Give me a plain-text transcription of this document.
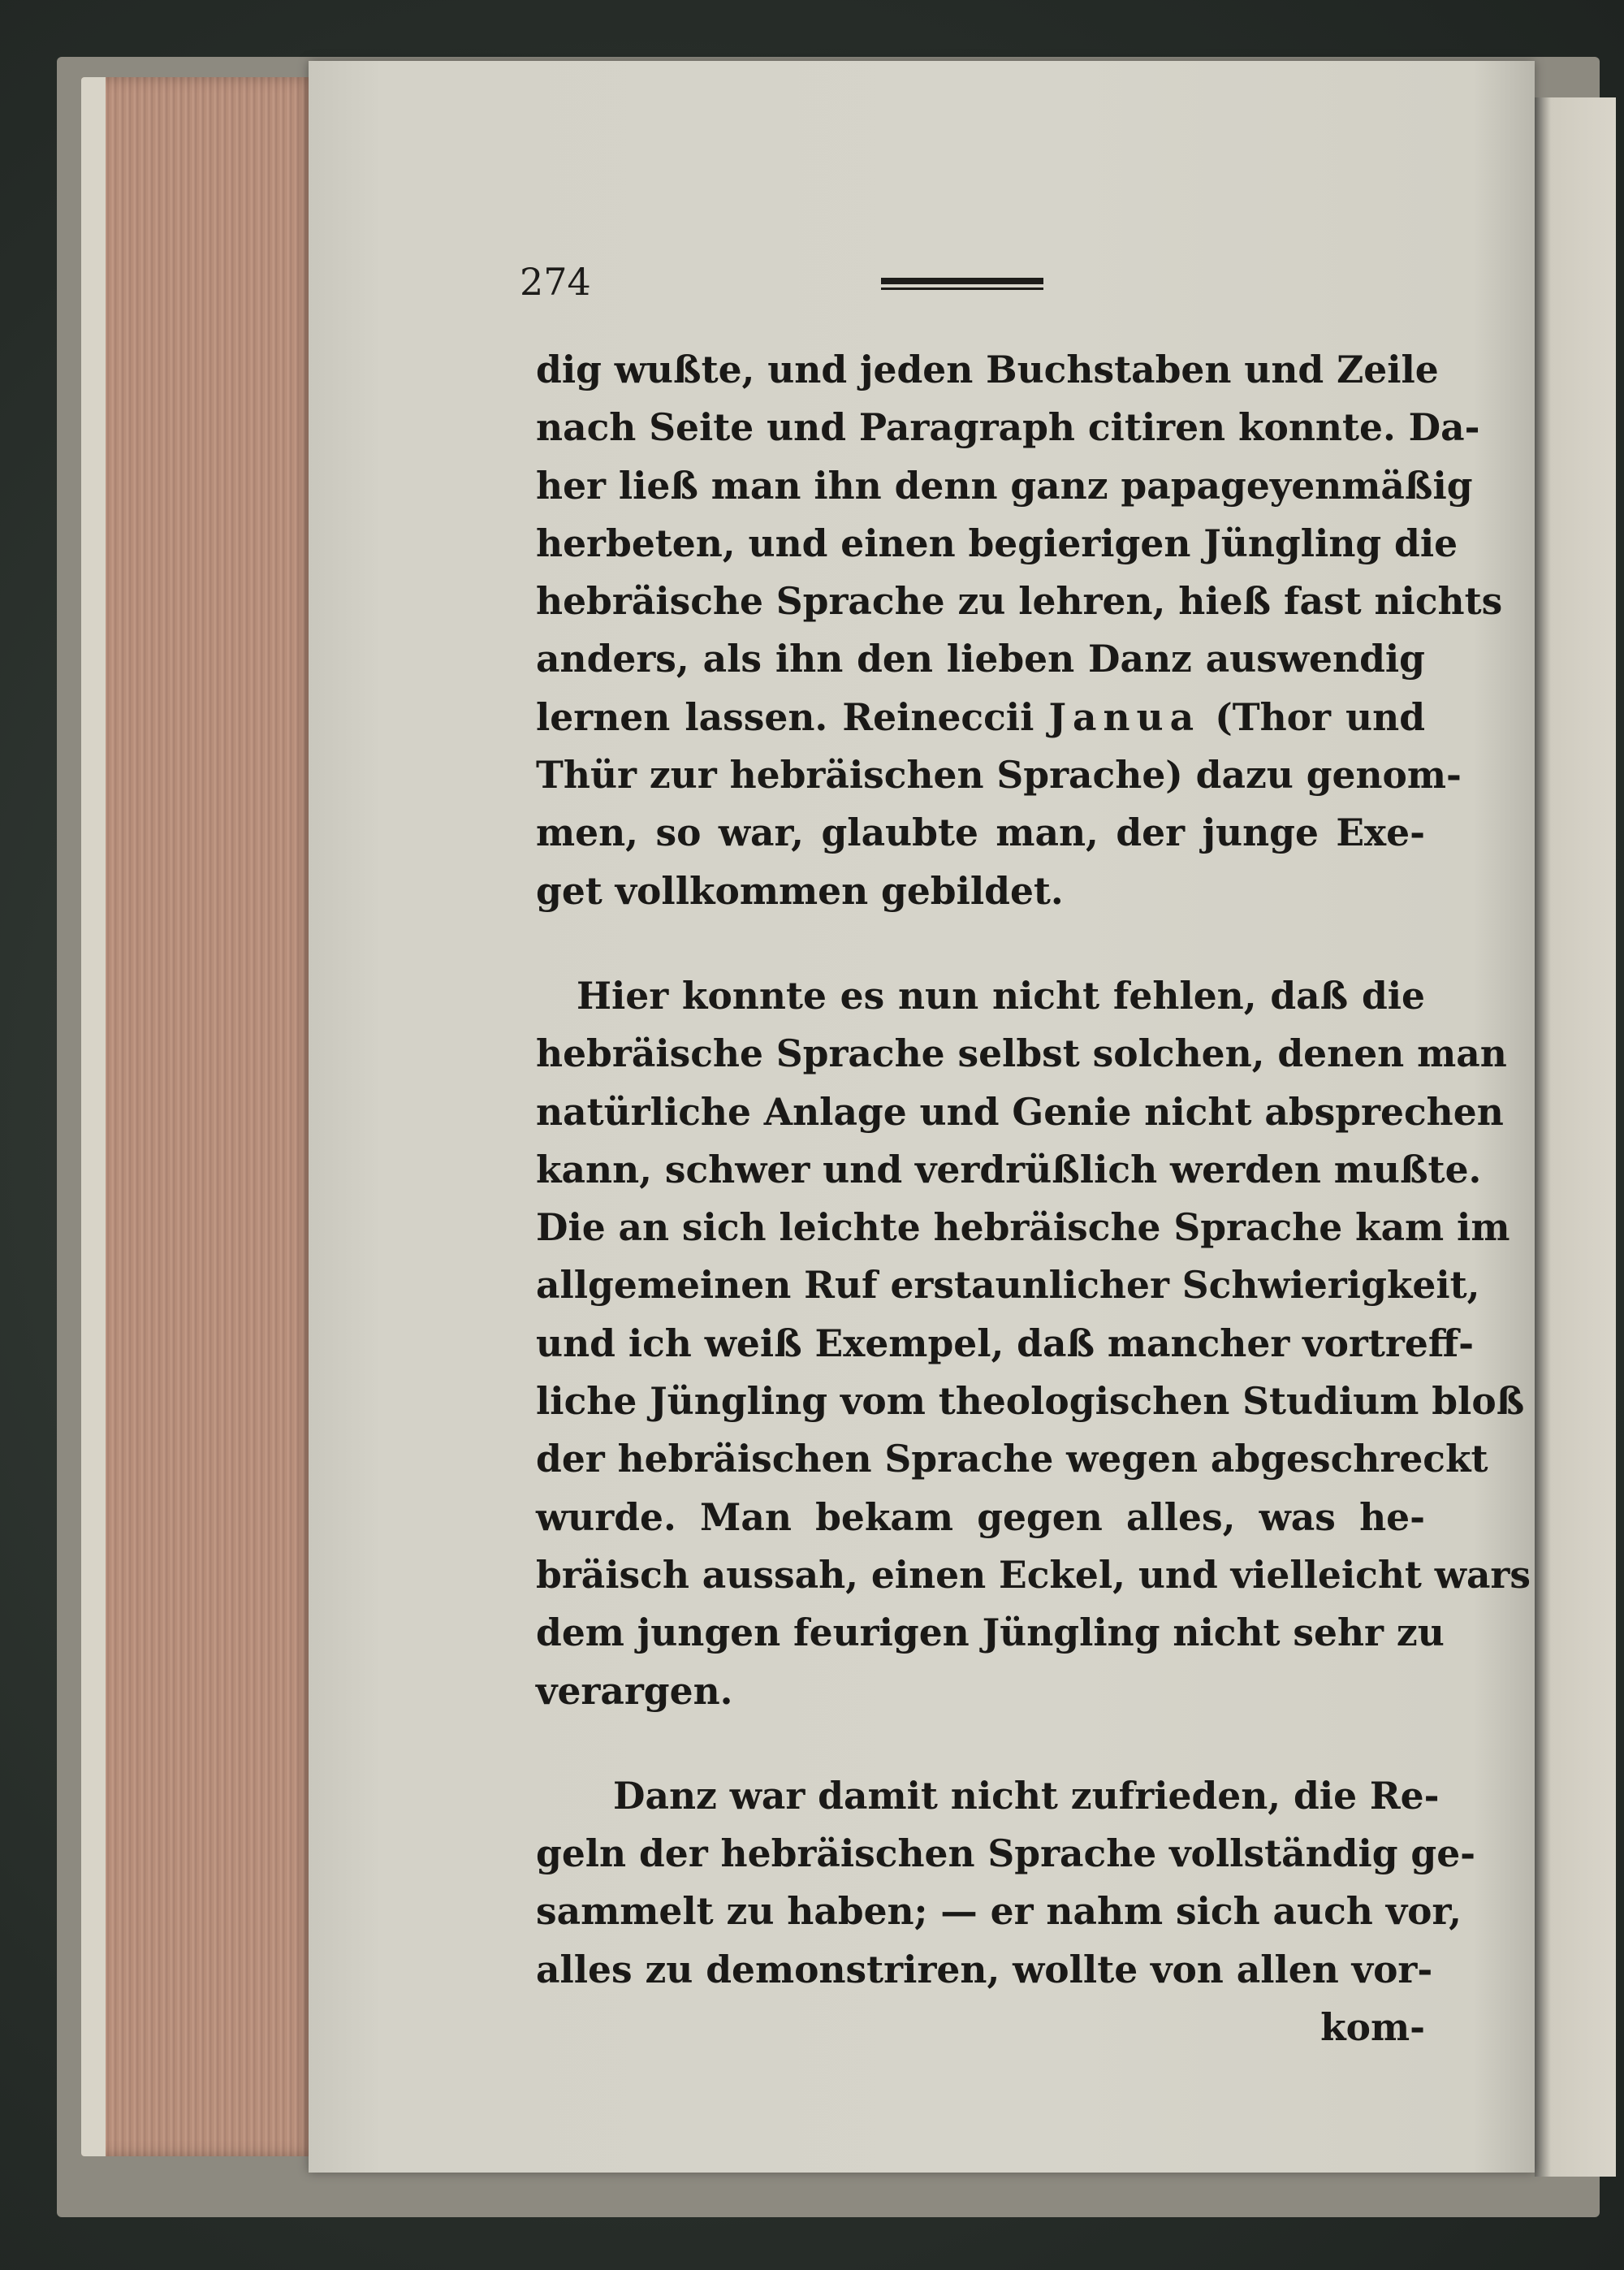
274
dig wußte, und jeden Buchstaben und Zeile
nach Seite und Paragraph citiren konnte. Da-
her ließ man ihn denn ganz papageyenmäßig
herbeten, und einen begierigen Jüngling die
hebräische Sprache zu lehren, hieß fast nichts
anders, als ihn den lieben Danz auswendig
lernen lassen. Reineccii Janua (Thor und
Thür zur hebräischen Sprache) dazu genom-
men, so war, glaubte man, der junge Exe-
get vollkommen gebildet.
Hier konnte es nun nicht fehlen, daß die
hebräische Sprache selbst solchen, denen man
natürliche Anlage und Genie nicht absprechen
kann, schwer und verdrüßlich werden mußte.
Die an sich leichte hebräische Sprache kam im
allgemeinen Ruf erstaunlicher Schwierigkeit,
und ich weiß Exempel, daß mancher vortreff-
liche Jüngling vom theologischen Studium bloß
der hebräischen Sprache wegen abgeschreckt
wurde. Man bekam gegen alles, was he-
bräisch aussah, einen Eckel, und vielleicht wars
dem jungen feurigen Jüngling nicht sehr zu
verargen.
Danz war damit nicht zufrieden, die Re-
geln der hebräischen Sprache vollständig ge-
sammelt zu haben; — er nahm sich auch vor,
alles zu demonstriren, wollte von allen vor-
kom-
